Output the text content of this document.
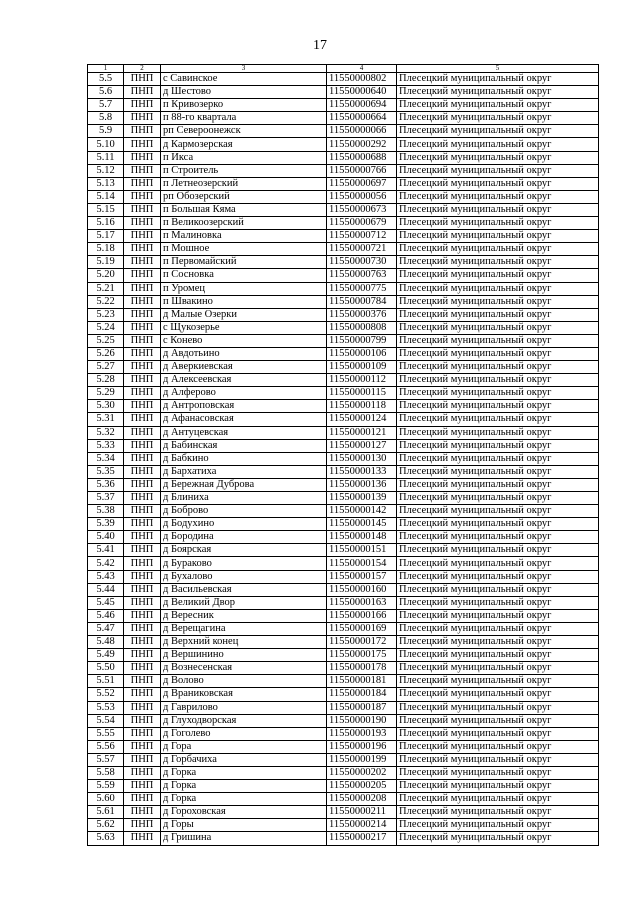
17
1	2	3	4	5
5.5	ПНП	с Савинское	11550000802	Плесецкий муниципальный округ
5.6	ПНП	д Шестово	11550000640	Плесецкий муниципальный округ
5.7	ПНП	п Кривозерко	11550000694	Плесецкий муниципальный округ
5.8	ПНП	п 88-го квартала	11550000664	Плесецкий муниципальный округ
5.9	ПНП	рп Североонежск	11550000066	Плесецкий муниципальный округ
5.10	ПНП	д Кармозерская	11550000292	Плесецкий муниципальный округ
5.11	ПНП	п Икса	11550000688	Плесецкий муниципальный округ
5.12	ПНП	п Строитель	11550000766	Плесецкий муниципальный округ
5.13	ПНП	п Летнеозерский	11550000697	Плесецкий муниципальный округ
5.14	ПНП	рп Обозерский	11550000056	Плесецкий муниципальный округ
5.15	ПНП	п Большая Кяма	11550000673	Плесецкий муниципальный округ
5.16	ПНП	п Великоозерский	11550000679	Плесецкий муниципальный округ
5.17	ПНП	п Малиновка	11550000712	Плесецкий муниципальный округ
5.18	ПНП	п Мошное	11550000721	Плесецкий муниципальный округ
5.19	ПНП	п Первомайский	11550000730	Плесецкий муниципальный округ
5.20	ПНП	п Сосновка	11550000763	Плесецкий муниципальный округ
5.21	ПНП	п Уромец	11550000775	Плесецкий муниципальный округ
5.22	ПНП	п Швакино	11550000784	Плесецкий муниципальный округ
5.23	ПНП	д Малые Озерки	11550000376	Плесецкий муниципальный округ
5.24	ПНП	с Щукозерье	11550000808	Плесецкий муниципальный округ
5.25	ПНП	с Конево	11550000799	Плесецкий муниципальный округ
5.26	ПНП	д Авдотьино	11550000106	Плесецкий муниципальный округ
5.27	ПНП	д Аверкиевская	11550000109	Плесецкий муниципальный округ
5.28	ПНП	д Алексеевская	11550000112	Плесецкий муниципальный округ
5.29	ПНП	д Алферово	11550000115	Плесецкий муниципальный округ
5.30	ПНП	д Антроповская	11550000118	Плесецкий муниципальный округ
5.31	ПНП	д Афанасовская	11550000124	Плесецкий муниципальный округ
5.32	ПНП	д Антуцевская	11550000121	Плесецкий муниципальный округ
5.33	ПНП	д Бабинская	11550000127	Плесецкий муниципальный округ
5.34	ПНП	д Бабкино	11550000130	Плесецкий муниципальный округ
5.35	ПНП	д Бархатиха	11550000133	Плесецкий муниципальный округ
5.36	ПНП	д Бережная Дуброва	11550000136	Плесецкий муниципальный округ
5.37	ПНП	д Блиниха	11550000139	Плесецкий муниципальный округ
5.38	ПНП	д Боброво	11550000142	Плесецкий муниципальный округ
5.39	ПНП	д Бодухино	11550000145	Плесецкий муниципальный округ
5.40	ПНП	д Бородина	11550000148	Плесецкий муниципальный округ
5.41	ПНП	д Боярская	11550000151	Плесецкий муниципальный округ
5.42	ПНП	д Бураково	11550000154	Плесецкий муниципальный округ
5.43	ПНП	д Бухалово	11550000157	Плесецкий муниципальный округ
5.44	ПНП	д Васильевская	11550000160	Плесецкий муниципальный округ
5.45	ПНП	д Великий Двор	11550000163	Плесецкий муниципальный округ
5.46	ПНП	д Вересник	11550000166	Плесецкий муниципальный округ
5.47	ПНП	д Верещагина	11550000169	Плесецкий муниципальный округ
5.48	ПНП	д Верхний конец	11550000172	Плесецкий муниципальный округ
5.49	ПНП	д Вершинино	11550000175	Плесецкий муниципальный округ
5.50	ПНП	д Вознесенская	11550000178	Плесецкий муниципальный округ
5.51	ПНП	д Волово	11550000181	Плесецкий муниципальный округ
5.52	ПНП	д Враниковская	11550000184	Плесецкий муниципальный округ
5.53	ПНП	д Гаврилово	11550000187	Плесецкий муниципальный округ
5.54	ПНП	д Глуходворская	11550000190	Плесецкий муниципальный округ
5.55	ПНП	д Гоголево	11550000193	Плесецкий муниципальный округ
5.56	ПНП	д Гора	11550000196	Плесецкий муниципальный округ
5.57	ПНП	д Горбачиха	11550000199	Плесецкий муниципальный округ
5.58	ПНП	д Горка	11550000202	Плесецкий муниципальный округ
5.59	ПНП	д Горка	11550000205	Плесецкий муниципальный округ
5.60	ПНП	д Горка	11550000208	Плесецкий муниципальный округ
5.61	ПНП	д Гороховская	11550000211	Плесецкий муниципальный округ
5.62	ПНП	д Горы	11550000214	Плесецкий муниципальный округ
5.63	ПНП	д Гришина	11550000217	Плесецкий муниципальный округ
